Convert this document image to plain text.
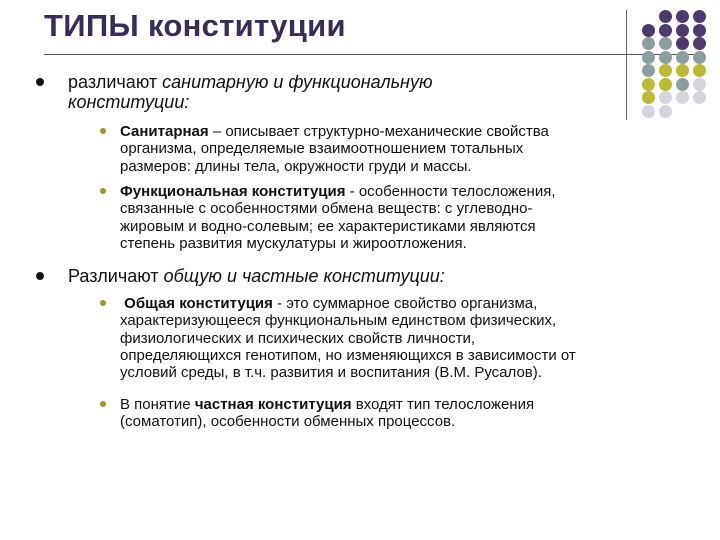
ТИПЫ конституции
различают санитарную и функциональную
конституции:
Санитарная – описывает структурно-механические свойства
организма, определяемые взаимоотношением тотальных
размеров: длины тела, окружности груди и массы.
Функциональная конституция - особенности телосложения,
связанные с особенностями обмена веществ: с углеводно-
жировым и водно-солевым; ее характеристиками являются
степень развития мускулатуры и жироотложения.
Различают общую и частные конституции:
Общая конституция - это суммарное свойство организма,
характеризующееся функциональным единством физических,
физиологических и психических свойств личности,
определяющихся генотипом, но изменяющихся в зависимости от
условий среды, в т.ч. развития и воспитания (В.М. Русалов).
В понятие частная конституция входят тип телосложения
(соматотип), особенности обменных процессов.
